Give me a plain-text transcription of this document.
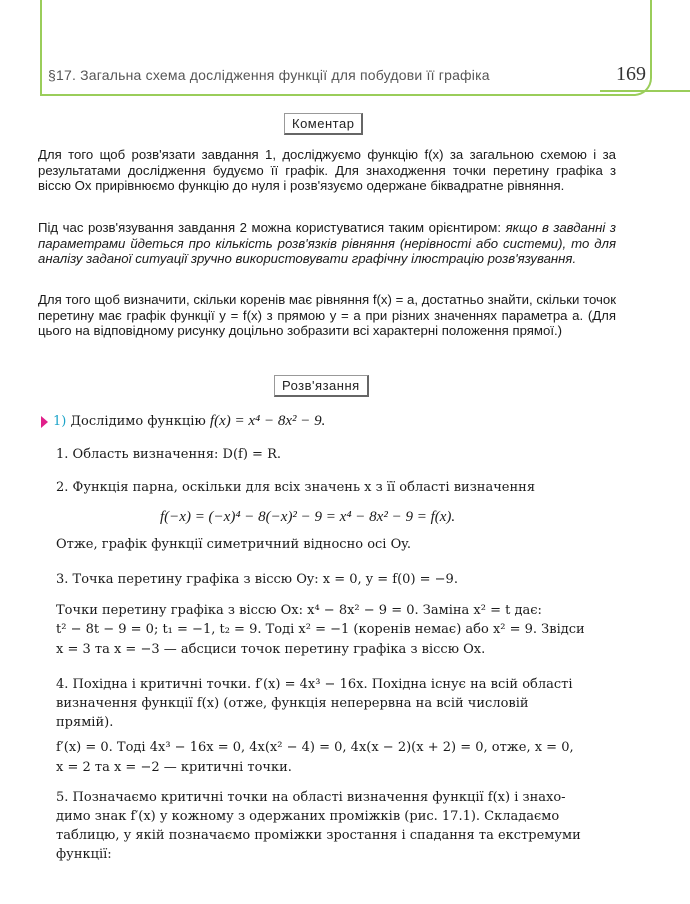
§17. Загальна схема дослідження функції для побудови її графіка	169
Коментар
Для того щоб розв'язати завдання 1, досліджуємо функцію f(x) за загальною схемою і за результатами дослідження будуємо її графік. Для знаходження точки перетину графіка з віссю Ox прирівнюємо функцію до нуля і розв'язуємо одержане біквадратне рівняння.
Під час розв'язування завдання 2 можна користуватися таким орієнтиром: якщо в завданні з параметрами йдеться про кількість розв'язків рівняння (нерівності або системи), то для аналізу заданої ситуації зручно використовувати графічну ілюстрацію розв'язування.
Для того щоб визначити, скільки коренів має рівняння f(x) = a, достатньо знайти, скільки точок перетину має графік функції y = f(x) з прямою y = a при різних значеннях параметра a. (Для цього на відповідному рисунку доцільно зобразити всі характерні положення прямої.)
Розв'язання
1) Дослідимо функцію f(x) = x⁴ − 8x² − 9.
1. Область визначення: D(f) = R.
2. Функція парна, оскільки для всіх значень x з її області визначення
f(−x) = (−x)⁴ − 8(−x)² − 9 = x⁴ − 8x² − 9 = f(x).
Отже, графік функції симетричний відносно осі Oy.
3. Точка перетину графіка з віссю Oy: x = 0, y = f(0) = −9.
Точки перетину графіка з віссю Ox: x⁴ − 8x² − 9 = 0. Заміна x² = t дає:
t² − 8t − 9 = 0; t₁ = −1, t₂ = 9. Тоді x² = −1 (коренів немає) або x² = 9. Звідси
x = 3 та x = −3 — абсциси точок перетину графіка з віссю Ox.
4. Похідна і критичні точки. f′(x) = 4x³ − 16x. Похідна існує на всій області
визначення функції f(x) (отже, функція неперервна на всій числовій
прямій).
f′(x) = 0. Тоді 4x³ − 16x = 0, 4x(x² − 4) = 0, 4x(x − 2)(x + 2) = 0, отже, x = 0,
x = 2 та x = −2 — критичні точки.
5. Позначаємо критичні точки на області визначення функції f(x) і знахо-
димо знак f′(x) у кожному з одержаних проміжків (рис. 17.1). Складаємо
таблицю, у якій позначаємо проміжки зростання і спадання та екстремуми
функції:
